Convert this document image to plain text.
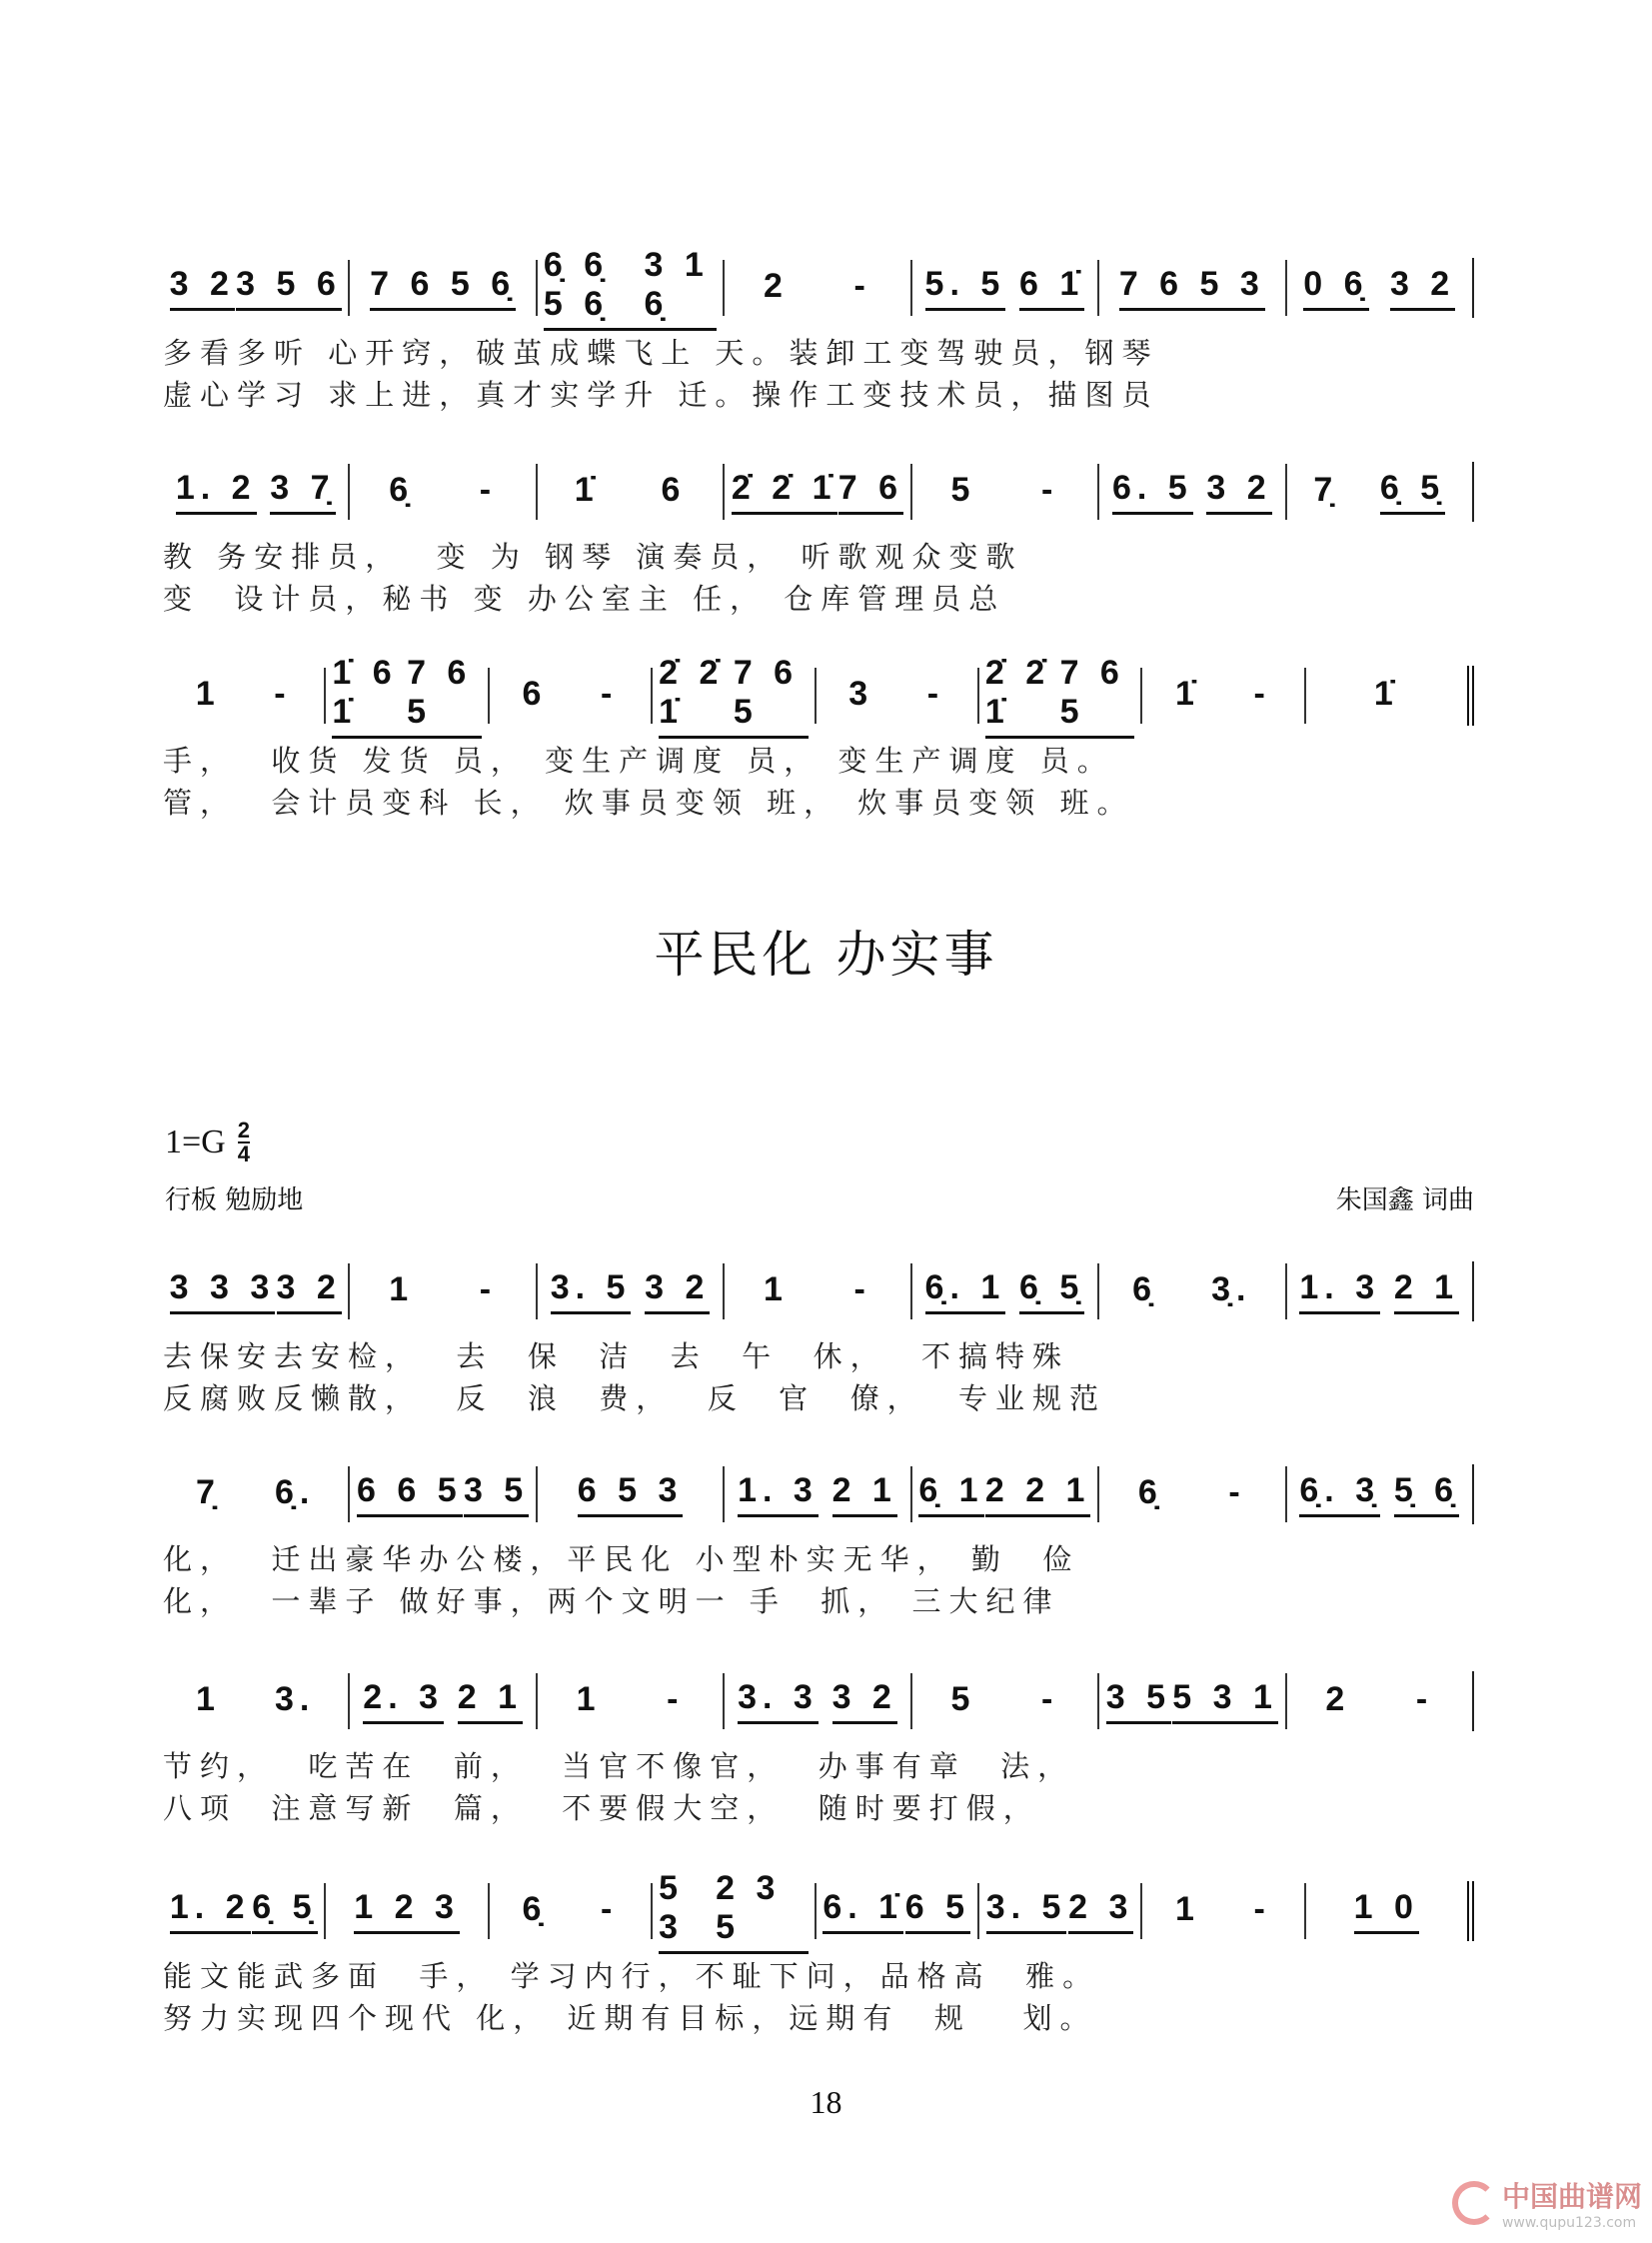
3 2 3 5 6 7 6 5 6̣
6̣ 6̣ 5 6̣
3 1 6̣	2 - 5. 5 6 1̇ 7 6 5 3 0 6̣ 3 2
多看多听 心开窍，破茧成蝶飞上 天。装卸工变驾驶员，钢琴
虚心学习 求上进，真才实学升 迁。操作工变技术员，描图员
1. 2 3 7̣ 6̣ - 1̇ 6 2̇ 2̇ 1̇ 7 6 5 - 6. 5 3 2 7̣ 6̣ 5̣
教 务安排员，  变 为 钢琴 演奏员， 听歌观众变歌
变  设计员，秘书 变 办公室主 任， 仓库管理员总
1 -
1̇ 6 1̇
7 6 5	6 -
2̇ 2̇ 1̇
7 6 5	3 -
2̇ 2̇ 1̇
7 6 5	1̇ -	1̇
手，  收货 发货 员， 变生产调度 员， 变生产调度 员。
管，  会计员变科 长， 炊事员变领 班， 炊事员变领 班。
平民化 办实事
$1=G \frac{2}{4}$
行板 勉励地	朱国鑫 词曲
3 3 3 3 2 1 - 3. 5 3 2 1 - 6̣. 1 6̣ 5̣ 6̣ 3̣. 1. 3 2 1
去保安去安检，  去  保  洁  去  午  休，  不搞特殊
反腐败反懒散，  反  浪  费，  反  官  僚，  专业规范
7̣ 6̣. 6 6 5 3 5 6 5 3 1. 3 2 1 6̣ 1 2 2 1 6̣ - 6̣. 3̣ 5̣ 6̣
化，  迁出豪华办公楼，平民化 小型朴实无华， 勤  俭
化，  一辈子 做好事，两个文明一 手  抓， 三大纪律
1 3. 2. 3 2 1 1 - 3. 3 3 2 5 - 3 5 5 3 1 2 -
节约，  吃苦在  前，  当官不像官，  办事有章  法，
八项  注意写新  篇，  不要假大空，  随时要打假，
1. 2 6̣ 5̣ 1 2 3 6̣ -
5 3
2 3 5
6. 1̇ 6 5 3. 5 2 3 1 - 1 0
能文能武多面  手， 学习内行，不耻下问，品格高  雅。
努力实现四个现代 化， 近期有目标，远期有  规   划。
18
中国曲谱网
www.qupu123.com
